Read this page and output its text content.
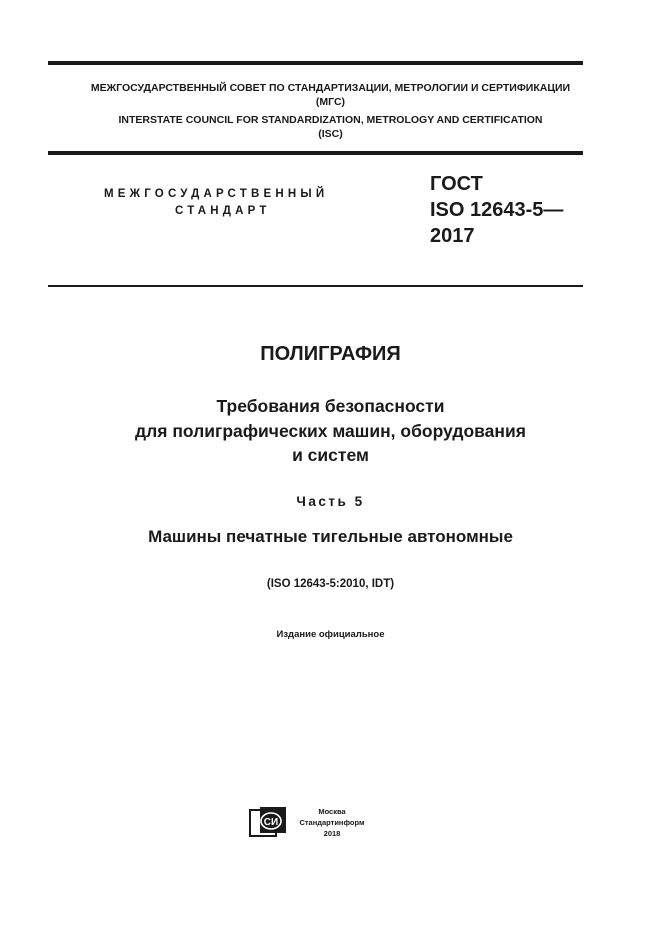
МЕЖГОСУДАРСТВЕННЫЙ СОВЕТ ПО СТАНДАРТИЗАЦИИ, МЕТРОЛОГИИ И СЕРТИФИКАЦИИ
(МГС)
INTERSTATE COUNCIL FOR STANDARDIZATION, METROLOGY AND CERTIFICATION
(ISC)
МЕЖГОСУДАРСТВЕННЫЙ
СТАНДАРТ
ГОСТ
ISO 12643-5—
2017
ПОЛИГРАФИЯ
Требования безопасности
для полиграфических машин, оборудования
и систем
Часть 5
Машины печатные тигельные автономные
(ISO 12643-5:2010, IDT)
Издание официальное
СИ
Москва
Стандартинформ
2018
